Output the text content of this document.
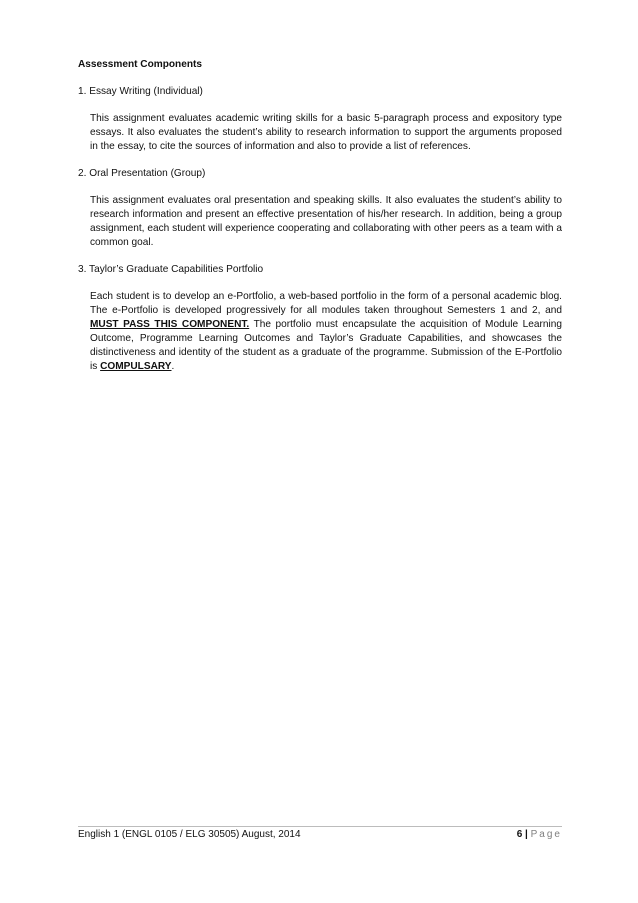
Assessment Components

1. Essay Writing (Individual)

This assignment evaluates academic writing skills for a basic 5-paragraph process and expository type essays. It also evaluates the student’s ability to research information to support the arguments proposed in the essay, to cite the sources of information and also to provide a list of references.

2. Oral Presentation (Group)

This assignment evaluates oral presentation and speaking skills. It also evaluates the student’s ability to research information and present an effective presentation of his/her research. In addition, being a group assignment, each student will experience cooperating and collaborating with other peers as a team with a common goal.

3. Taylor’s Graduate Capabilities Portfolio

Each student is to develop an e-Portfolio, a web-based portfolio in the form of a personal academic blog. The e-Portfolio is developed progressively for all modules taken throughout Semesters 1 and 2, and MUST PASS THIS COMPONENT. The portfolio must encapsulate the acquisition of Module Learning Outcome, Programme Learning Outcomes and Taylor’s Graduate Capabilities, and showcases the distinctiveness and identity of the student as a graduate of the programme. Submission of the E-Portfolio is COMPULSARY.

English 1 (ENGL 0105 / ELG 30505) August, 2014	6 | Page
